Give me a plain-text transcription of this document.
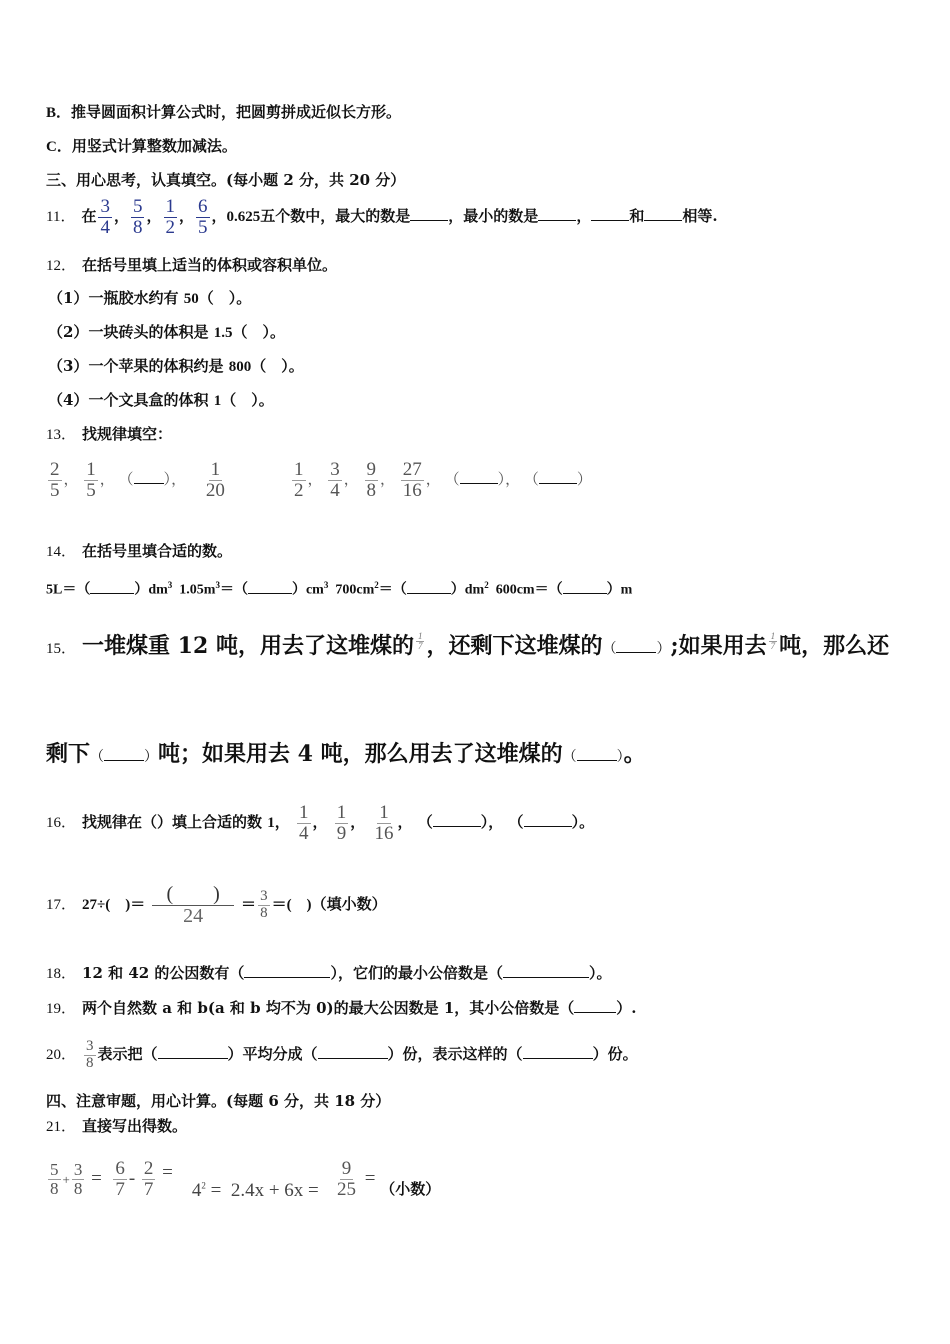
B．推导圆面积计算公式时，把圆剪拼成近似长方形。
C．用竖式计算整数加减法。
三、用心思考，认真填空。(每小题 2 分，共 20 分）
11． 在 $\frac{3}{4}$ ， $\frac{5}{8}$ ， $\frac{1}{2}$ ， $\frac{6}{5}$ ，0.625五个数中，最大的数是	，最小的数是	，	和	相等.
12． 在括号里填上适当的体积或容积单位。
（1）一瓶胶水约有 50（　）。
（2）一块砖头的体积是 1.5（　）。
（3）一个苹果的体积约是 800（　）。
（4）一个文具盒的体积 1（　）。
13． 找规律填空：
$\frac{2}{5}$ ， $\frac{1}{5}$ ， （ ）， $\frac{1}{20}$	$\frac{1}{2}$ ， $\frac{3}{4}$ ， $\frac{9}{8}$ ， $\frac{27}{16}$ ， （	）， （	）
14． 在括号里填合适的数。
5L＝（	）$dm^3$ $1.05m^3=$（	）$cm^3$ $700cm^2=$（	）$dm^2$ 600cm＝（	）m
15． 一堆煤重 12 吨，用去了这堆煤的 $\frac{1}{7}$ ，还剩下这堆煤的（	）;如果用去 $\frac{1}{7}$ 吨，那么还
剩下（	）吨；如果用去 4 吨，那么用去了这堆煤的（	）。
16． 找规律在（）填上合适的数 1， $\frac{1}{4}$ ， $\frac{1}{9}$ ， $\frac{1}{16}$ ， （	）， （	）。
17． 27÷(　)＝ $\frac{( )}{24} = \frac{3}{8}$ ＝(　)（填小数）
18． 12 和 42 的公因数有（	），它们的最小公倍数是（	）。
19． 两个自然数 a 和 b(a 和 b 均不为 0)的最大公因数是 1，其小公倍数是（	）.
20． $\frac{3}{8}$ 表示把（	）平均分成（	）份，表示这样的（	）份。
四、注意审题，用心计算。(每题 6 分，共 18 分）
21． 直接写出得数。
$\frac{5}{8} + \frac{3}{8} = \frac{6}{7} - \frac{2}{7}$ =    $4^2 = 2.4x + 6x = \frac{9}{25} = _{(小数)}$
